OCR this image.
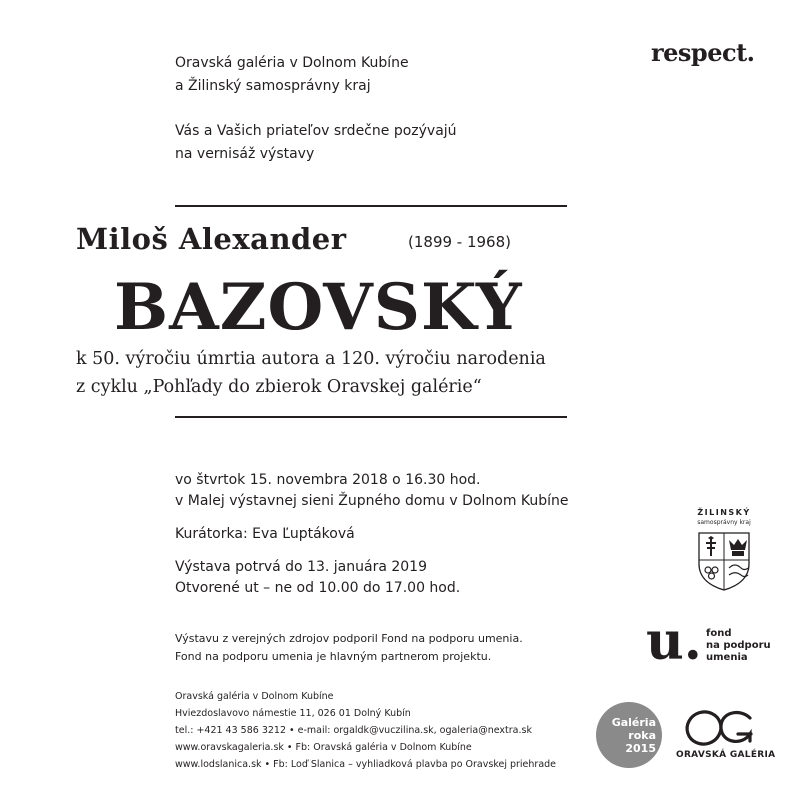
Oravská galéria v Dolnom Kubíne
a Žilinský samosprávny kraj

Vás a Vašich priateľov srdečne pozývajú
na vernisáž výstavy

Miloš Alexander	(1899 - 1968)
BAZOVSKÝ
k 50. výročiu úmrtia autora a 120. výročiu narodenia
z cyklu „Pohľady do zbierok Oravskej galérie“
vo štvrtok 15. novembra 2018 o 16.30 hod.
v Malej výstavnej sieni Župného domu v Dolnom Kubíne
Kurátorka: Eva Ľuptáková
Výstava potrvá do 13. januára 2019
Otvorené ut – ne od 10.00 do 17.00 hod.
Výstavu z verejných zdrojov podporil Fond na podporu umenia.
Fond na podporu umenia je hlavným partnerom projektu.
Oravská galéria v Dolnom Kubíne
Hviezdoslavovo námestie 11, 026 01 Dolný Kubín
tel.: +421 43 586 3212 • e-mail: orgaldk@vuczilina.sk, ogaleria@nextra.sk
www.oravskagaleria.sk • Fb: Oravská galéria v Dolnom Kubíne
www.lodslanica.sk • Fb: Loď Slanica – vyhliadková plavba po Oravskej priehrade
respect.
ŽILINSKÝ
samosprávny kraj
u. fond
na podporu
umenia
Galéria
roka
2015 ORAVSKÁ GALÉRIA
